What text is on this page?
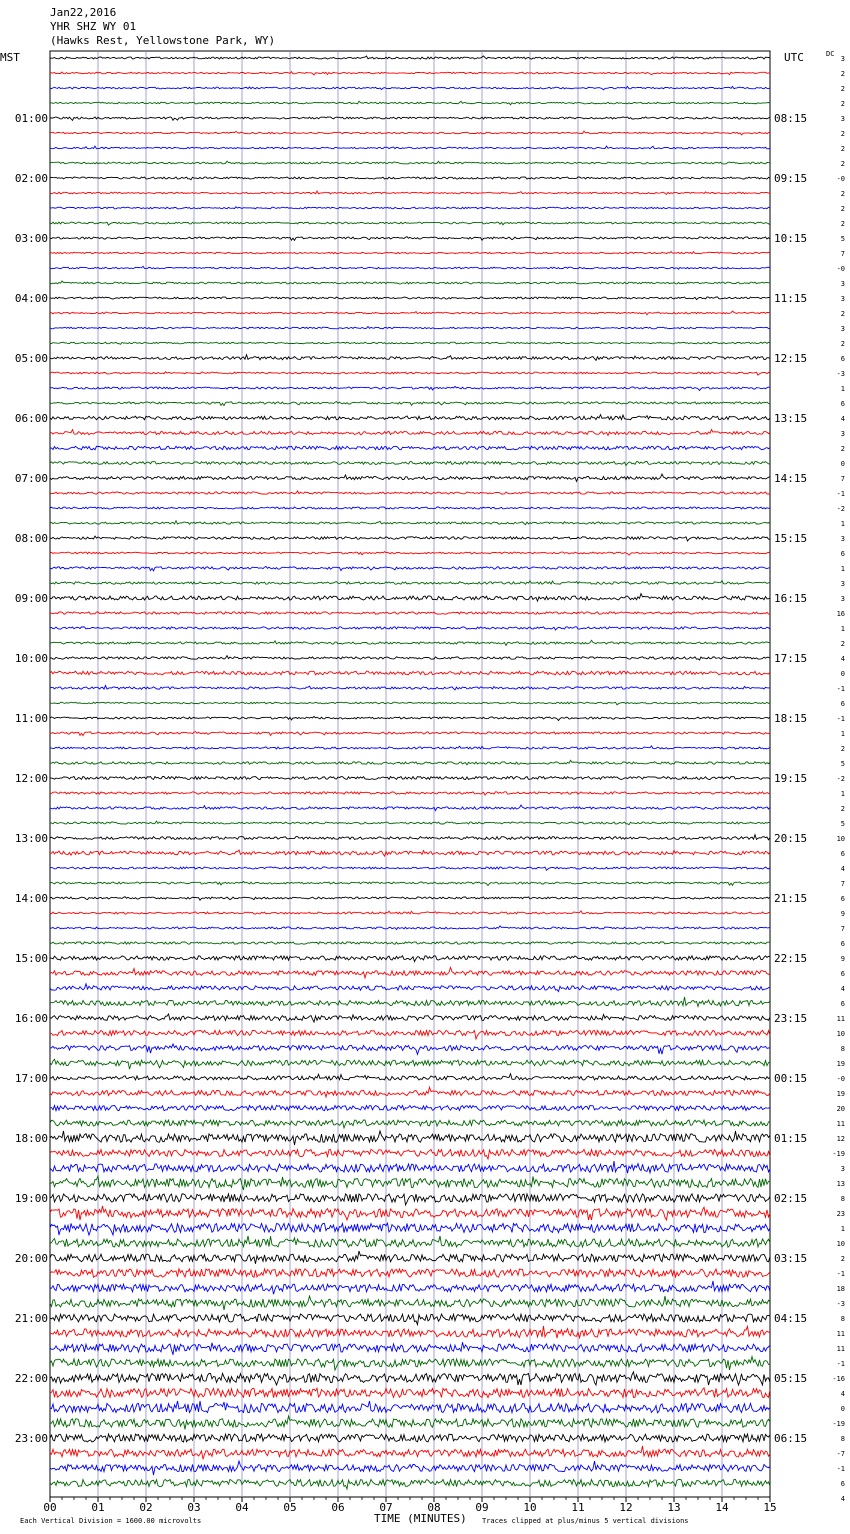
Jan22,2016
YHR SHZ WY 01
(Hawks Rest, Yellowstone Park, WY)
MST	UTC	DC
01:00
02:00
03:00
04:00
05:00
06:00
07:00
08:00
09:00
10:00
11:00
12:00
13:00
14:00
15:00
16:00
17:00
18:00
19:00
20:00
21:00
22:00
23:00
08:15
09:15
10:15
11:15
12:15
13:15
14:15
15:15
16:15
17:15
18:15
19:15
20:15
21:15
22:15
23:15
00:15
01:15
02:15
03:15
04:15
05:15
06:15
3
2
2
2
3
2
2
2
-0
2
2
2
5
7
-0
3
3
2
3
2
6
-3
1
6
4
3
2
0
7
-1
-2
1
3
6
1
3
3
16
1
2
4
0
-1
6
-1
1
2
5
-2
1
2
5
10
6
4
7
6
9
7
6
9
6
4
6
11
10
8
19
-0
19
20
11
12
-19
3
13
8
23
1
10
2
-1
18
-3
8
11
11
-1
-16
4
0
-19
8
-7
-1
6
4
00	01	02	03	04	05	06	07	08	09	10	11	12	13	14	15
TIME (MINUTES)
Each Vertical Division = 1600.00 microvolts	Traces clipped at plus/minus 5 vertical divisions
